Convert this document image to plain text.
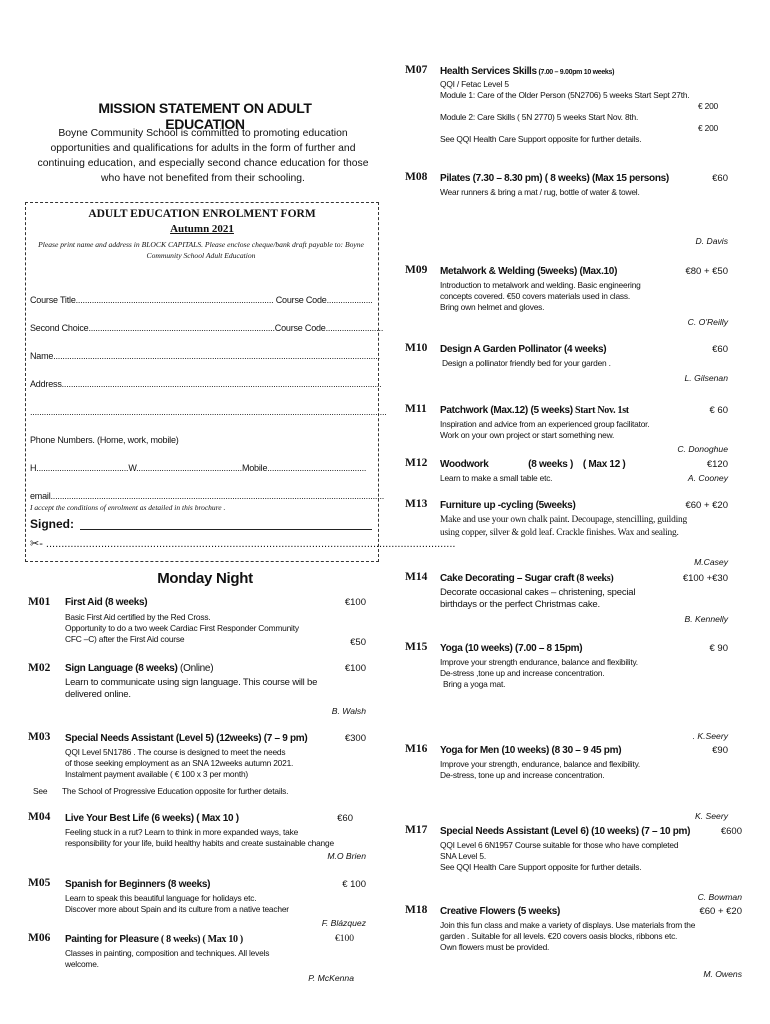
MISSION STATEMENT ON ADULT EDUCATION
Boyne Community School is committed to promoting education opportunities and qualifications for adults in the form of further and continuing education, and especially second chance education for those who have not benefited from their schooling.
ADULT EDUCATION ENROLMENT FORM
Autumn 2021
Please print name and address in BLOCK CAPITALS. Please enclose cheque/bank draft payable to: Boyne Community School Adult Education
Course Title...................................................................................... Course Code....................
Second Choice.................................................................................Course Code.........................
Name..............................................................................................................................................
Address...........................................................................................................................................
...........................................................................................................................................................
Phone Numbers. (Home, work, mobile)
H........................................W..............................................Mobile...........................................
email.................................................................................................................................................
I accept the conditions of enrolment as detailed in this brochure .
Signed:
✂- ......................................................................................................................................
Monday Night
M01 First Aid (8 weeks)	€100
Basic First Aid certified by the Red Cross.
Opportunity to do a two week Cardiac First Responder Community
CFC –C) after the First Aid course	€50
M02 Sign Language (8 weeks) (Online)	€100
Learn to communicate using sign language. This course will be
delivered online.
B. Walsh
M03 Special Needs Assistant (Level 5) (12weeks) (7 – 9 pm)	€300
QQI Level 5N1786 . The course is designed to meet the needs
of those seeking employment as an SNA 12weeks autumn 2021.
Instalment payment available ( € 100 x 3 per month)
See The School of Progressive Education opposite for further details.
M04 Live Your Best Life (6 weeks) ( Max 10 )	€60
Feeling stuck in a rut? Learn to think in more expanded ways, take
responsibility for your life, build healthy habits and create sustainable change
M.O Brien
M05 Spanish for Beginners (8 weeks)	€ 100
Learn to speak this beautiful language for holidays etc.
Discover more about Spain and its culture from a native teacher
F. Blázquez
M06 Painting for Pleasure ( 8 weeks) ( Max 10 )	€100
Classes in painting, composition and techniques. All levels
welcome.
P. McKenna
M07 Health Services Skills (7.00 – 9.00pm 10 weeks)
QQI / Fetac Level 5
Module 1: Care of the Older Person (5N2706) 5 weeks Start Sept 27th.
€ 200
Module 2: Care Skills ( 5N 2770) 5 weeks Start Nov. 8th.
€ 200
See QQI Health Care Support opposite for further details.
M08 Pilates (7.30 – 8.30 pm) ( 8 weeks) (Max 15 persons)	€60
Wear runners & bring a mat / rug, bottle of water & towel.
D. Davis
M09 Metalwork & Welding (5weeks) (Max.10)	€80 + €50
Introduction to metalwork and welding. Basic engineering
concepts covered. €50 covers materials used in class.
Bring own helmet and gloves.
C. O'Reilly
M10 Design A Garden Pollinator (4 weeks)	€60
Design a pollinator friendly bed for your garden .
L. Gilsenan
M11 Patchwork (Max.12) (5 weeks) Start Nov. 1st	€ 60
Inspiration and advice from an experienced group facilitator.
Work on your own project or start something new.
C. Donoghue
M12 Woodwork                (8 weeks )    ( Max 12 )	€120
Learn to make a small table etc.	A. Cooney
M13 Furniture up -cycling (5weeks)	€60 + €20
Make and use your own chalk paint. Decoupage, stencilling, guilding
using copper, silver & gold leaf. Crackle finishes. Wax and sealing.
M.Casey
M14 Cake Decorating – Sugar craft (8 weeks)	€100 +€30
Decorate occasional cakes – christening, special
birthdays or the perfect Christmas cake.
B. Kennelly
M15 Yoga (10 weeks) (7.00 – 8 15pm)	€ 90
Improve your strength endurance, balance and flexibility.
De-stress ,tone up and increase concentration.
Bring a yoga mat.
. K.Seery
M16 Yoga for Men (10 weeks) (8 30 – 9 45 pm)	€90
Improve your strength, endurance, balance and flexibility.
De-stress, tone up and increase concentration.
K. Seery
M17 Special Needs Assistant (Level 6) (10 weeks) (7 – 10 pm)	€600
QQI Level 6 6N1957 Course suitable for those who have completed
SNA Level 5.
See QQI Health Care Support opposite for further details.
C. Bowman
M18 Creative Flowers (5 weeks)	€60 + €20
Join this fun class and make a variety of displays. Use materials from the
garden . Suitable for all levels. €20 covers oasis blocks, ribbons etc.
Own flowers must be provided.
M. Owens
